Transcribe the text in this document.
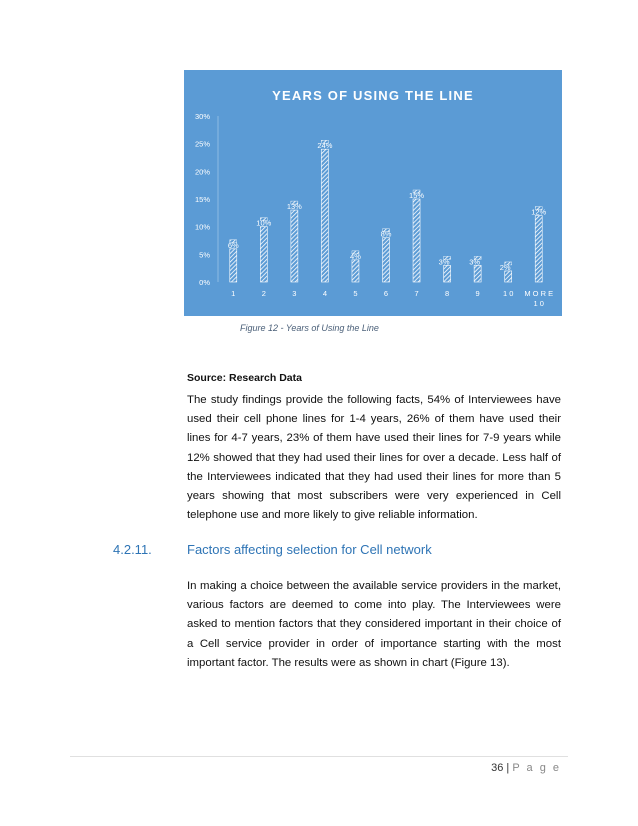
YEARS OF USING THE LINE
0%
5%
10%
15%
20%
25%
30%
6%
1
10%
2
13%
3
24%
4
4%
5
8%
6
15%
7
3%
8
3%
9
2%
1 0
12%
M O R E
1 0
Figure 12 - Years of Using the Line
Source: Research Data
The study findings provide the following facts, 54% of Interviewees have used their cell phone lines for 1-4 years, 26% of them have used their lines for 4-7 years, 23% of them have used their lines for 7-9 years while 12% showed that they had used their lines for over a decade. Less half of the Interviewees indicated that they had used their lines for more than 5 years showing that most subscribers were very experienced in Cell telephone use and more likely to give reliable information.
4.2.11.	Factors affecting selection for Cell network
In making a choice between the available service providers in the market, various factors are deemed to come into play. The Interviewees were asked to mention factors that they considered important in their choice of a Cell service provider in order of importance starting with the most important factor. The results were as shown in chart (Figure 13).
36 | P a g e
